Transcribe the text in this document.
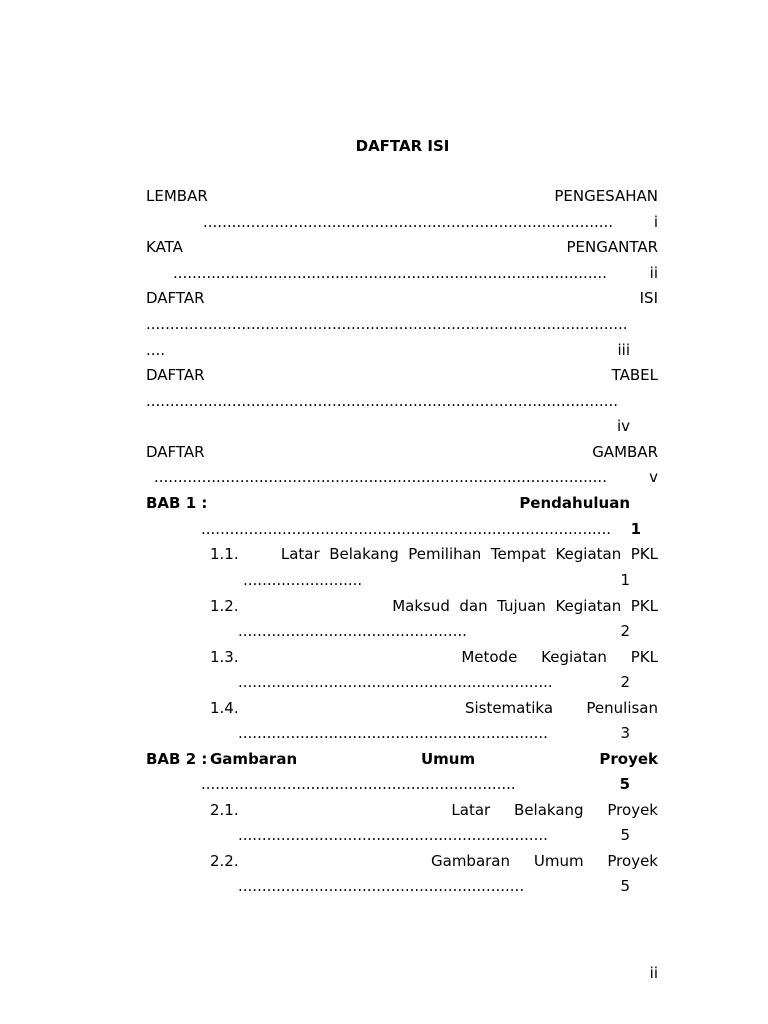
DAFTAR ISI
LEMBAR	PENGESAHAN
......................................................................................	i
KATA	PENGANTAR
...........................................................................................	ii
DAFTAR	ISI
.....................................................................................................
....	iii
DAFTAR	TABEL
...................................................................................................
iv
DAFTAR	GAMBAR
...............................................................................................	v
BAB 1 :	Pendahuluan
...................................................................................... 1
1.1.	Latar  Belakang  Pemilihan  Tempat  Kegiatan  PKL
.........................	1
1.2.	Maksud  dan  Tujuan  Kegiatan  PKL
................................................	2
1.3.	Metode     Kegiatan     PKL
..................................................................	2
1.4.	Sistematika       Penulisan
.................................................................	3
BAB 2 : Gambaran	Umum	Proyek
..................................................................	5
2.1.	Latar     Belakang     Proyek
.................................................................	5
2.2.	Gambaran     Umum     Proyek
............................................................	5
ii
